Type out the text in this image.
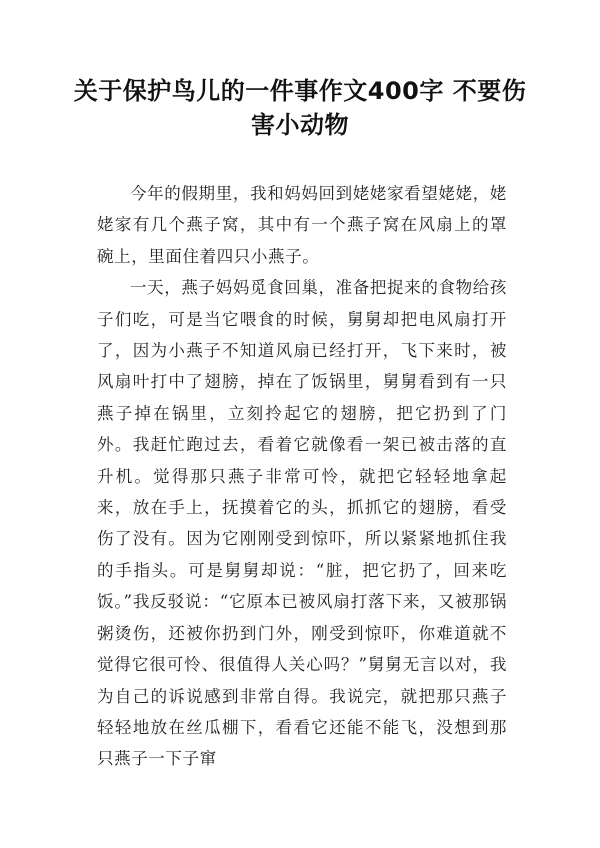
关于保护鸟儿的一件事作文400字 不要伤害小动物

今年的假期里，我和妈妈回到姥姥家看望姥姥，姥姥家有几个燕子窝，其中有一个燕子窝在风扇上的罩碗上，里面住着四只小燕子。

一天，燕子妈妈觅食回巢，准备把捉来的食物给孩子们吃，可是当它喂食的时候，舅舅却把电风扇打开了，因为小燕子不知道风扇已经打开，飞下来时，被风扇叶打中了翅膀，掉在了饭锅里，舅舅看到有一只燕子掉在锅里，立刻拎起它的翅膀，把它扔到了门外。我赶忙跑过去，看着它就像看一架已被击落的直升机。觉得那只燕子非常可怜，就把它轻轻地拿起来，放在手上，抚摸着它的头，抓抓它的翅膀，看受伤了没有。因为它刚刚受到惊吓，所以紧紧地抓住我的手指头。可是舅舅却说：“脏，把它扔了，回来吃饭。”我反驳说：“它原本已被风扇打落下来，又被那锅粥烫伤，还被你扔到门外，刚受到惊吓，你难道就不觉得它很可怜、很值得人关心吗？”舅舅无言以对，我为自己的诉说感到非常自得。我说完，就把那只燕子轻轻地放在丝瓜棚下，看看它还能不能飞，没想到那只燕子一下子窜
